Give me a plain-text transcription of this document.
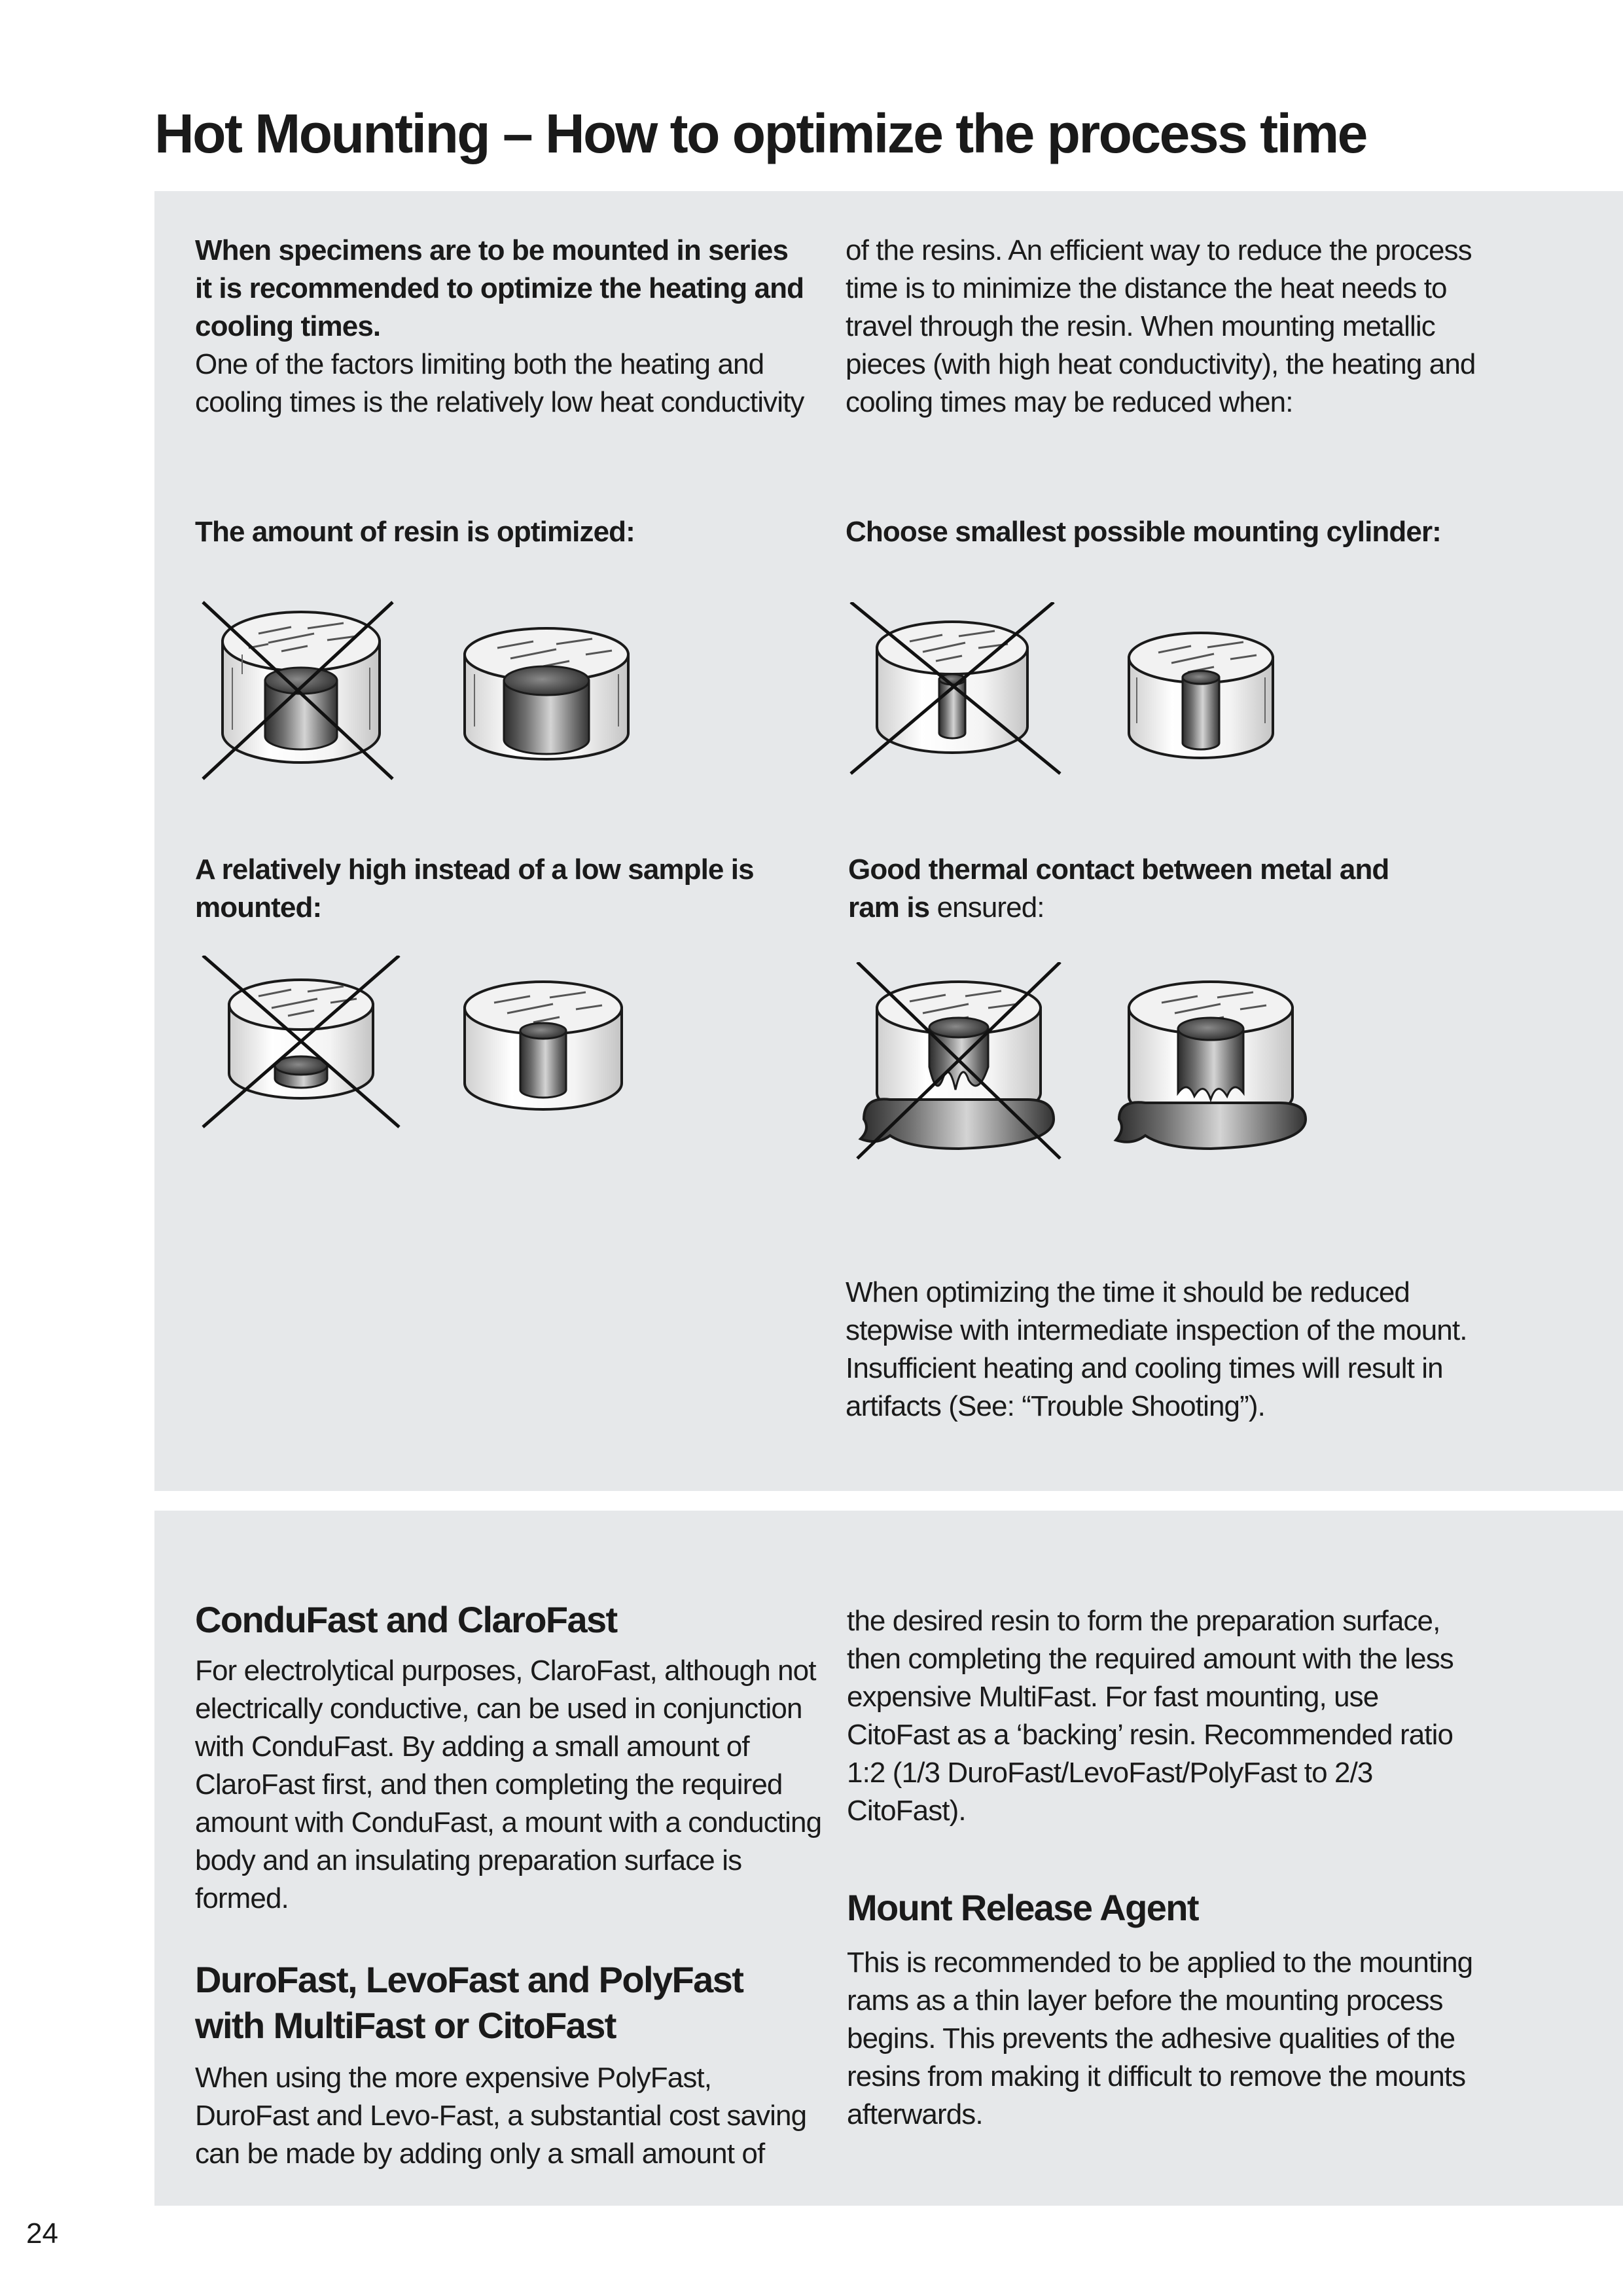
Hot Mounting – How to optimize the process time

When specimens are to be mounted in series it is recommended to optimize the heating and cooling times.

One of the factors limiting both the heating and cooling times is the relatively low heat conductivity

of the resins. An efficient way to reduce the process time is to minimize the distance the heat needs to travel through the resin. When mounting metallic pieces (with high heat conductivity), the heating and cooling times may be reduced when:

The amount of resin is optimized:	Choose smallest possible mounting cylinder:

A relatively high instead of a low sample is mounted:

Good thermal contact between metal and ram is ensured:

When optimizing the time it should be reduced stepwise with intermediate inspection of the mount. Insufficient heating and cooling times will result in artifacts (See: “Trouble Shooting”).

ConduFast and ClaroFast

For electrolytical purposes, ClaroFast, although not electrically conductive, can be used in conjunction with ConduFast. By adding a small amount of ClaroFast first, and then completing the required amount with ConduFast, a mount with a conducting body and an insulating preparation surface is formed.

DuroFast, LevoFast and PolyFast
with MultiFast or CitoFast

When using the more expensive PolyFast, DuroFast and Levo-Fast, a substantial cost saving can be made by adding only a small amount of

the desired resin to form the preparation surface, then completing the required amount with the less expensive MultiFast. For fast mounting, use CitoFast as a ‘backing’ resin. Recommended ratio 1:2 (1/3 DuroFast/LevoFast/PolyFast to 2/3 CitoFast).

Mount Release Agent

This is recommended to be applied to the mounting rams as a thin layer before the mounting process begins. This prevents the adhesive qualities of the resins from making it difficult to remove the mounts afterwards.

24
